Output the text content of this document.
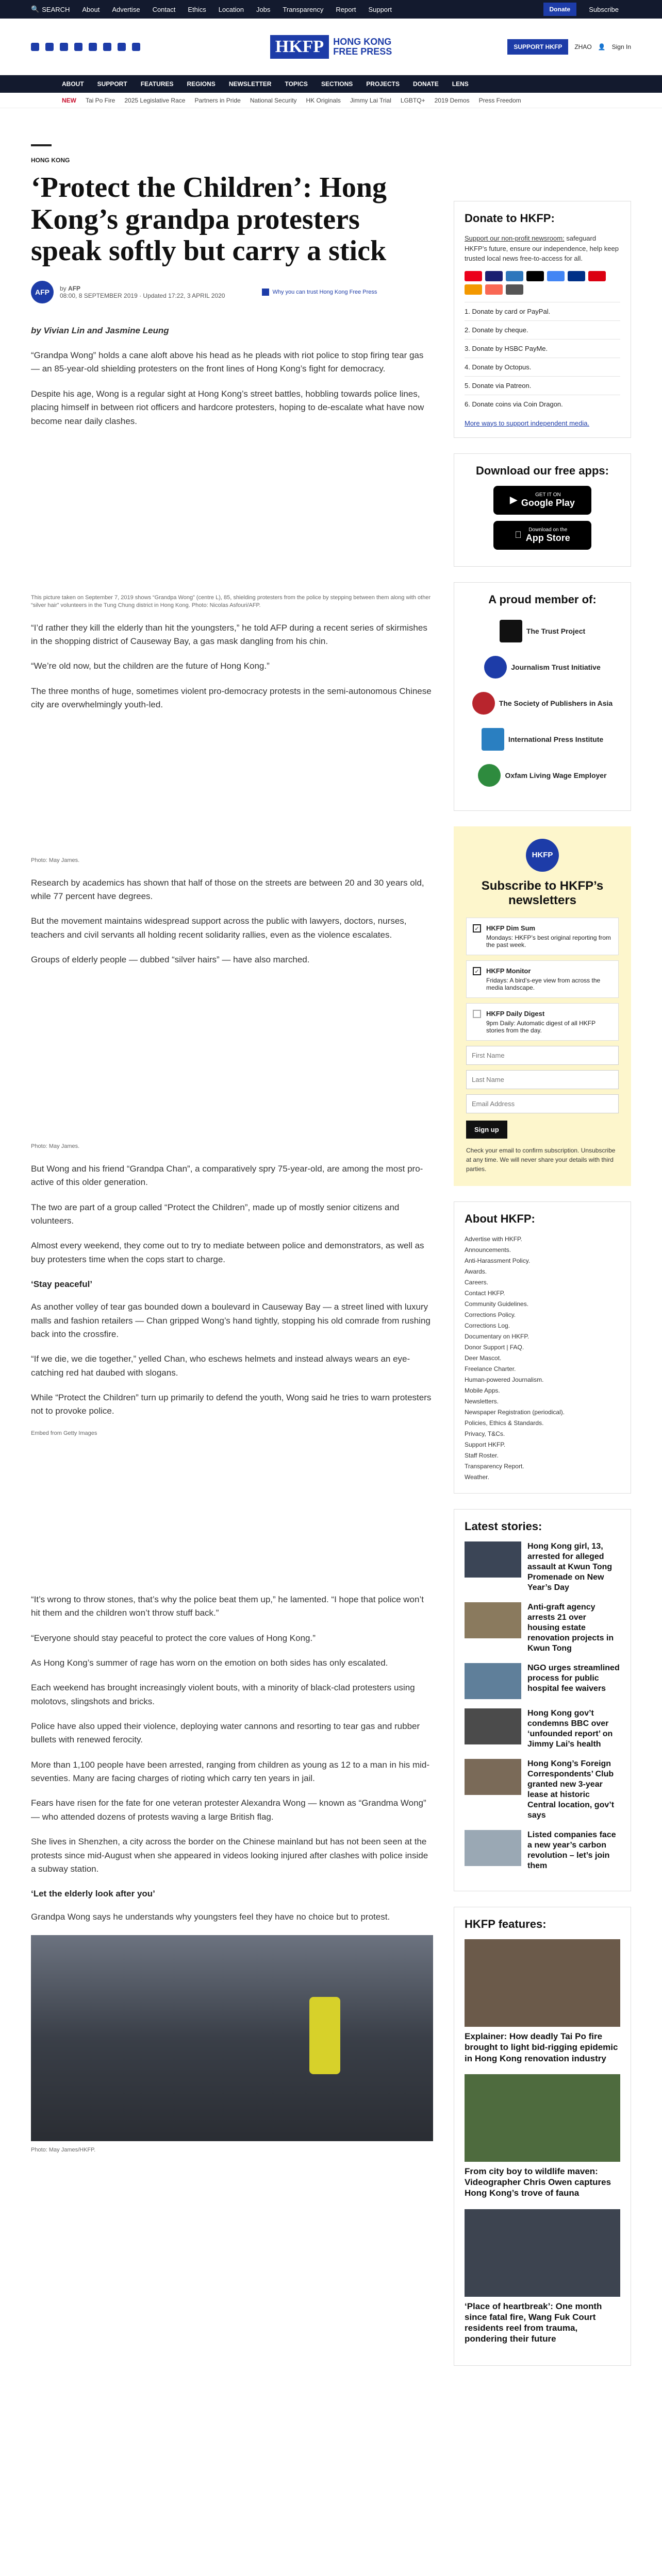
🔍 SEARCH About Advertise Contact Ethics Location Jobs Transparency Report Support	Donate	Subscribe
HKFP	HONG KONG
FREE PRESS	SUPPORT HKFP	ZHAO 👤 Sign In
ABOUT SUPPORT FEATURES REGIONS NEWSLETTER TOPICS SECTIONS PROJECTS DONATE LENS
NEW Tai Po Fire 2025 Legislative Race Partners in Pride National Security HK Originals Jimmy Lai Trial LGBTQ+ 2019 Demos Press Freedom
HONG KONG
‘Protect the Children’: Hong Kong’s grandpa protesters speak softly but carry a stick
AFP	by AFP
08:00, 8 SEPTEMBER 2019 · Updated 17:22, 3 APRIL 2020	Why you can trust Hong Kong Free Press

by Vivian Lin and Jasmine Leung

“Grandpa Wong” holds a cane aloft above his head as he pleads with riot police to stop firing tear gas — an 85-year-old shielding protesters on the front lines of Hong Kong’s fight for democracy.

Despite his age, Wong is a regular sight at Hong Kong’s street battles, hobbling towards police lines, placing himself in between riot officers and hardcore protesters, hoping to de-escalate what have now become near daily clashes.

This picture taken on September 7, 2019 shows “Grandpa Wong” (centre L), 85, shielding protesters from the police by stepping between them along with other “silver hair” volunteers in the Tung Chung district in Hong Kong. Photo: Nicolas Asfouri/AFP.

“I’d rather they kill the elderly than hit the youngsters,” he told AFP during a recent series of skirmishes in the shopping district of Causeway Bay, a gas mask dangling from his chin.

“We’re old now, but the children are the future of Hong Kong.”

The three months of huge, sometimes violent pro-democracy protests in the semi-autonomous Chinese city are overwhelmingly youth-led.

Photo: May James.

Research by academics has shown that half of those on the streets are between 20 and 30 years old, while 77 percent have degrees.

But the movement maintains widespread support across the public with lawyers, doctors, nurses, teachers and civil servants all holding recent solidarity rallies, even as the violence escalates.

Groups of elderly people — dubbed “silver hairs” — have also marched.

Photo: May James.

But Wong and his friend “Grandpa Chan”, a comparatively spry 75-year-old, are among the most pro-active of this older generation.

The two are part of a group called “Protect the Children”, made up of mostly senior citizens and volunteers.

Almost every weekend, they come out to try to mediate between police and demonstrators, as well as buy protesters time when the cops start to charge.

‘Stay peaceful’

As another volley of tear gas bounded down a boulevard in Causeway Bay — a street lined with luxury malls and fashion retailers — Chan gripped Wong’s hand tightly, stopping his old comrade from rushing back into the crossfire.

“If we die, we die together,” yelled Chan, who eschews helmets and instead always wears an eye-catching red hat daubed with slogans.

While “Protect the Children” turn up primarily to defend the youth, Wong said he tries to warn protesters not to provoke police.

Embed from Getty Images

“It’s wrong to throw stones, that’s why the police beat them up,” he lamented. “I hope that police won’t hit them and the children won’t throw stuff back.”

“Everyone should stay peaceful to protect the core values of Hong Kong.”

As Hong Kong’s summer of rage has worn on the emotion on both sides has only escalated.

Each weekend has brought increasingly violent bouts, with a minority of black-clad protesters using molotovs, slingshots and bricks.

Police have also upped their violence, deploying water cannons and resorting to tear gas and rubber bullets with renewed ferocity.

More than 1,100 people have been arrested, ranging from children as young as 12 to a man in his mid-seventies. Many are facing charges of rioting which carry ten years in jail.

Fears have risen for the fate for one veteran protester Alexandra Wong — known as “Grandma Wong” — who attended dozens of protests waving a large British flag.

She lives in Shenzhen, a city across the border on the Chinese mainland but has not been seen at the protests since mid-August when she appeared in videos looking injured after clashes with police inside a subway station.

‘Let the elderly look after you’

Grandpa Wong says he understands why youngsters feel they have no choice but to protest.

Photo: May James/HKFP.

Donate to HKFP:
Support our non-profit newsroom: safeguard HKFP’s future, ensure our independence, help keep trusted local news free-to-access for all.
1. Donate by card or PayPal.
2. Donate by cheque.
3. Donate by HSBC PayMe.
4. Donate by Octopus.
5. Donate via Patreon.
6. Donate coins via Coin Dragon.
More ways to support independent media.
Download our free apps:
▶	GET IT ON
Google Play
Download on the
App Store
A proud member of:
The Trust Project
Journalism Trust Initiative
The Society of Publishers in Asia
International Press Institute
Oxfam Living Wage Employer
HKFP
Subscribe to HKFP’s newsletters
✓ HKFP Dim Sum
Mondays: HKFP’s best original reporting from the past week.
✓ HKFP Monitor
Fridays: A bird’s-eye view from across the media landscape.
HKFP Daily Digest
9pm Daily: Automatic digest of all HKFP stories from the day.
First Name Last Name Email Address
Sign up
Check your email to confirm subscription. Unsubscribe at any time. We will never share your details with third parties.
About HKFP:
Advertise with HKFP.
Announcements.
Anti-Harassment Policy.
Awards.
Careers.
Contact HKFP.
Community Guidelines.
Corrections Policy.
Corrections Log.
Documentary on HKFP.
Donor Support | FAQ.
Deer Mascot.
Freelance Charter.
Human-powered Journalism.
Mobile Apps.
Newsletters.
Newspaper Registration (periodical).
Policies, Ethics & Standards.
Privacy, T&Cs.
Support HKFP.
Staff Roster.
Transparency Report.
Weather.
Latest stories:
Hong Kong girl, 13, arrested for alleged assault at Kwun Tong Promenade on New Year’s Day
Anti-graft agency arrests 21 over housing estate renovation projects in Kwun Tong
NGO urges streamlined process for public hospital fee waivers
Hong Kong gov’t condemns BBC over ‘unfounded report’ on Jimmy Lai’s health
Hong Kong’s Foreign Correspondents’ Club granted new 3-year lease at historic Central location, gov’t says
Listed companies face a new year’s carbon revolution – let’s join them
HKFP features:
Explainer: How deadly Tai Po fire brought to light bid-rigging epidemic in Hong Kong renovation industry
From city boy to wildlife maven: Videographer Chris Owen captures Hong Kong’s trove of fauna
‘Place of heartbreak’: One month since fatal fire, Wang Fuk Court residents reel from trauma, pondering their future
